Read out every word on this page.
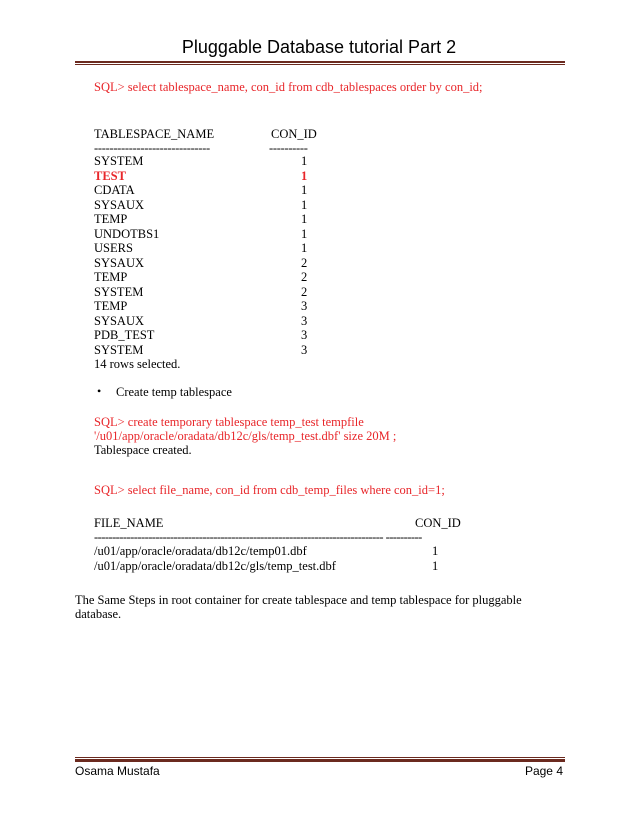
Pluggable Database tutorial Part 2
SQL> select tablespace_name, con_id from cdb_tablespaces order by con_id;
TABLESPACE_NAME	CON_ID
------------------------------	----------
SYSTEM	1
TEST	1
CDATA	1
SYSAUX	1
TEMP	1
UNDOTBS1	1
USERS	1
SYSAUX	2
TEMP	2
SYSTEM	2
TEMP	3
SYSAUX	3
PDB_TEST	3
SYSTEM	3
14 rows selected.
• Create temp tablespace
SQL> create temporary tablespace temp_test tempfile
'/u01/app/oracle/oradata/db12c/gls/temp_test.dbf' size 20M ;
Tablespace created.
SQL> select file_name, con_id from cdb_temp_files where con_id=1;
FILE_NAME	CON_ID
-------------------------------------------------------------------------------- ----------
/u01/app/oracle/oradata/db12c/temp01.dbf	1
/u01/app/oracle/oradata/db12c/gls/temp_test.dbf	1
The Same Steps in root container for create tablespace and temp tablespace for pluggable
database.
Osama Mustafa	Page 4
